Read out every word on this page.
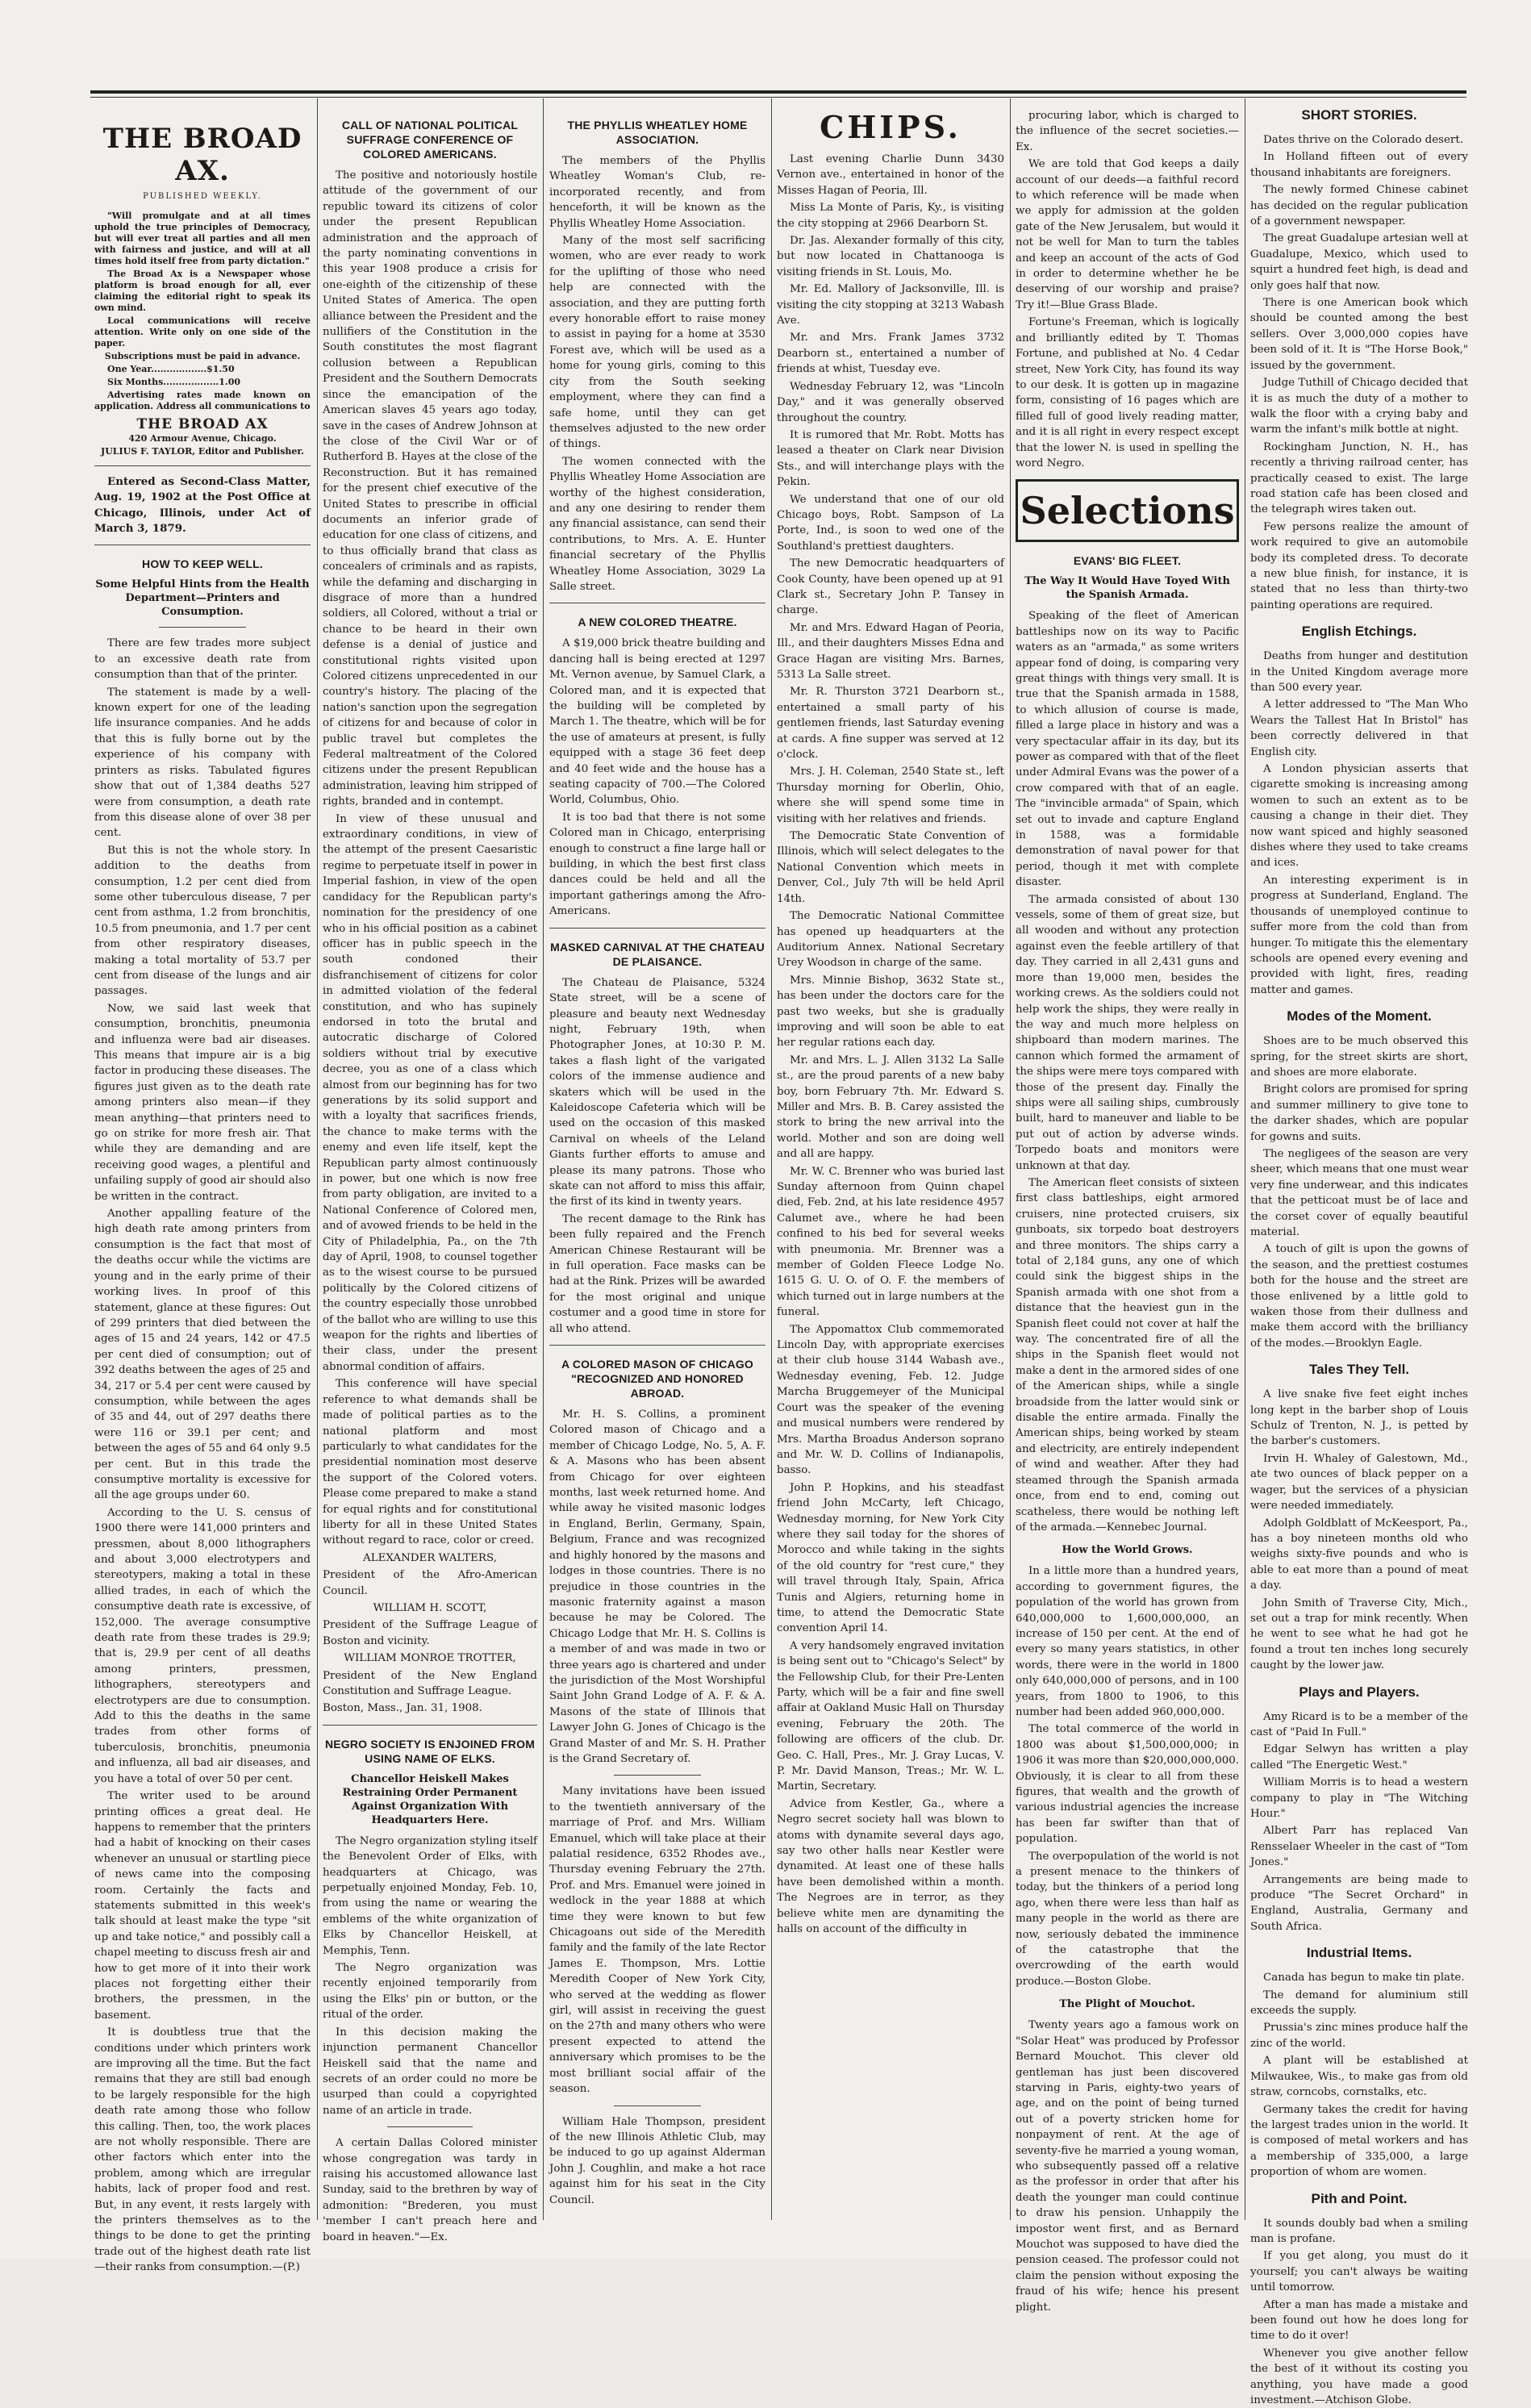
THE BROAD AX.
PUBLISHED WEEKLY.

"Will promulgate and at all times uphold the true principles of Democracy, but will ever treat all parties and all men with fairness and justice, and will at all times hold itself free from party dictation."

The Broad Ax is a Newspaper whose platform is broad enough for all, ever claiming the editorial right to speak its own mind.

Local communications will receive attention. Write only on one side of the paper.

Subscriptions must be paid in advance.

One Year..................$1.50

Six Months..................1.00

Advertising rates made known on application. Address all communications to

THE BROAD AX

420 Armour Avenue, Chicago.

JULIUS F. TAYLOR, Editor and Publisher.

Entered as Second-Class Matter, Aug. 19, 1902 at the Post Office at Chicago, Illinois, under Act of March 3, 1879.

HOW TO KEEP WELL.
Some Helpful Hints from the Health Department—Printers and Consumption.

There are few trades more subject to an excessive death rate from consumption than that of the printer.

The statement is made by a well-known expert for one of the leading life insurance companies. And he adds that this is fully borne out by the experience of his company with printers as risks. Tabulated figures show that out of 1,384 deaths 527 were from consumption, a death rate from this disease alone of over 38 per cent.

But this is not the whole story. In addition to the deaths from consumption, 1.2 per cent died from some other tuberculous disease, 7 per cent from asthma, 1.2 from bronchitis, 10.5 from pneumonia, and 1.7 per cent from other respiratory diseases, making a total mortality of 53.7 per cent from disease of the lungs and air passages.

Now, we said last week that consumption, bronchitis, pneumonia and influenza were bad air diseases. This means that impure air is a big factor in producing these diseases. The figures just given as to the death rate among printers also mean—if they mean anything—that printers need to go on strike for more fresh air. That while they are demanding and are receiving good wages, a plentiful and unfailing supply of good air should also be written in the contract.

Another appalling feature of the high death rate among printers from consumption is the fact that most of the deaths occur while the victims are young and in the early prime of their working lives. In proof of this statement, glance at these figures: Out of 299 printers that died between the ages of 15 and 24 years, 142 or 47.5 per cent died of consumption; out of 392 deaths between the ages of 25 and 34, 217 or 5.4 per cent were caused by consumption, while between the ages of 35 and 44, out of 297 deaths there were 116 or 39.1 per cent; and between the ages of 55 and 64 only 9.5 per cent. But in this trade the consumptive mortality is excessive for all the age groups under 60.

According to the U. S. census of 1900 there were 141,000 printers and pressmen, about 8,000 lithographers and about 3,000 electrotypers and stereotypers, making a total in these allied trades, in each of which the consumptive death rate is excessive, of 152,000. The average consumptive death rate from these trades is 29.9; that is, 29.9 per cent of all deaths among printers, pressmen, lithographers, stereotypers and electrotypers are due to consumption. Add to this the deaths in the same trades from other forms of tuberculosis, bronchitis, pneumonia and influenza, all bad air diseases, and you have a total of over 50 per cent.

The writer used to be around printing offices a great deal. He happens to remember that the printers had a habit of knocking on their cases whenever an unusual or startling piece of news came into the composing room. Certainly the facts and statements submitted in this week's talk should at least make the type "sit up and take notice," and possibly call a chapel meeting to discuss fresh air and how to get more of it into their work places not forgetting either their brothers, the pressmen, in the basement.

It is doubtless true that the conditions under which printers work are improving all the time. But the fact remains that they are still bad enough to be largely responsible for the high death rate among those who follow this calling. Then, too, the work places are not wholly responsible. There are other factors which enter into the problem, among which are irregular habits, lack of proper food and rest. But, in any event, it rests largely with the printers themselves as to the things to be done to get the printing trade out of the highest death rate list—their ranks from consumption.—(P.)

CALL OF NATIONAL POLITICAL SUFFRAGE CONFERENCE OF COLORED AMERICANS.

The positive and notoriously hostile attitude of the government of our republic toward its citizens of color under the present Republican administration and the approach of the party nominating conventions in this year 1908 produce a crisis for one-eighth of the citizenship of these United States of America. The open alliance between the President and the nullifiers of the Constitution in the South constitutes the most flagrant collusion between a Republican President and the Southern Democrats since the emancipation of the American slaves 45 years ago today, save in the cases of Andrew Johnson at the close of the Civil War or of Rutherford B. Hayes at the close of the Reconstruction. But it has remained for the present chief executive of the United States to prescribe in official documents an inferior grade of education for one class of citizens, and to thus officially brand that class as concealers of criminals and as rapists, while the defaming and discharging in disgrace of more than a hundred soldiers, all Colored, without a trial or chance to be heard in their own defense is a denial of justice and constitutional rights visited upon Colored citizens unprecedented in our country's history. The placing of the nation's sanction upon the segregation of citizens for and because of color in public travel but completes the Federal maltreatment of the Colored citizens under the present Republican administration, leaving him stripped of rights, branded and in contempt.

In view of these unusual and extraordinary conditions, in view of the attempt of the present Caesaristic regime to perpetuate itself in power in Imperial fashion, in view of the open candidacy for the Republican party's nomination for the presidency of one who in his official position as a cabinet officer has in public speech in the south condoned their disfranchisement of citizens for color in admitted violation of the federal constitution, and who has supinely endorsed in toto the brutal and autocratic discharge of Colored soldiers without trial by executive decree, you as one of a class which almost from our beginning has for two generations by its solid support and with a loyalty that sacrifices friends, the chance to make terms with the enemy and even life itself, kept the Republican party almost continuously in power, but one which is now free from party obligation, are invited to a National Conference of Colored men, and of avowed friends to be held in the City of Philadelphia, Pa., on the 7th day of April, 1908, to counsel together as to the wisest course to be pursued politically by the Colored citizens of the country especially those unrobbed of the ballot who are willing to use this weapon for the rights and liberties of their class, under the present abnormal condition of affairs.

This conference will have special reference to what demands shall be made of political parties as to the national platform and most particularly to what candidates for the presidential nomination most deserve the support of the Colored voters. Please come prepared to make a stand for equal rights and for constitutional liberty for all in these United States without regard to race, color or creed.

ALEXANDER WALTERS,

President of the Afro-American Council.

WILLIAM H. SCOTT,

President of the Suffrage League of Boston and vicinity.

WILLIAM MONROE TROTTER,

President of the New England Constitution and Suffrage League.

Boston, Mass., Jan. 31, 1908.

NEGRO SOCIETY IS ENJOINED FROM USING NAME OF ELKS.
Chancellor Heiskell Makes Restraining Order Permanent Against Organization With Headquarters Here.

The Negro organization styling itself the Benevolent Order of Elks, with headquarters at Chicago, was perpetually enjoined Monday, Feb. 10, from using the name or wearing the emblems of the white organization of Elks by Chancellor Heiskell, at Memphis, Tenn.

The Negro organization was recently enjoined temporarily from using the Elks' pin or button, or the ritual of the order.

In this decision making the injunction permanent Chancellor Heiskell said that the name and secrets of an order could no more be usurped than could a copyrighted name of an article in trade.

A certain Dallas Colored minister whose congregation was tardy in raising his accustomed allowance last Sunday, said to the brethren by way of admonition: "Brederen, you must 'member I can't preach here and board in heaven."—Ex.

THE PHYLLIS WHEATLEY HOME ASSOCIATION.

The members of the Phyllis Wheatley Woman's Club, re-incorporated recently, and from henceforth, it will be known as the Phyllis Wheatley Home Association.

Many of the most self sacrificing women, who are ever ready to work for the uplifting of those who need help are connected with the association, and they are putting forth every honorable effort to raise money to assist in paying for a home at 3530 Forest ave, which will be used as a home for young girls, coming to this city from the South seeking employment, where they can find a safe home, until they can get themselves adjusted to the new order of things.

The women connected with the Phyllis Wheatley Home Association are worthy of the highest consideration, and any one desiring to render them any financial assistance, can send their contributions, to Mrs. A. E. Hunter financial secretary of the Phyllis Wheatley Home Association, 3029 La Salle street.

A NEW COLORED THEATRE.

A $19,000 brick theatre building and dancing hall is being erected at 1297 Mt. Vernon avenue, by Samuel Clark, a Colored man, and it is expected that the building will be completed by March 1. The theatre, which will be for the use of amateurs at present, is fully equipped with a stage 36 feet deep and 40 feet wide and the house has a seating capacity of 700.—The Colored World, Columbus, Ohio.

It is too bad that there is not some Colored man in Chicago, enterprising enough to construct a fine large hall or building, in which the best first class dances could be held and all the important gatherings among the Afro-Americans.

MASKED CARNIVAL AT THE CHATEAU DE PLAISANCE.

The Chateau de Plaisance, 5324 State street, will be a scene of pleasure and beauty next Wednesday night, February 19th, when Photographer Jones, at 10:30 P. M. takes a flash light of the varigated colors of the immense audience and skaters which will be used in the Kaleidoscope Cafeteria which will be used on the occasion of this masked Carnival on wheels of the Leland Giants further efforts to amuse and please its many patrons. Those who skate can not afford to miss this affair, the first of its kind in twenty years.

The recent damage to the Rink has been fully repaired and the French American Chinese Restaurant will be in full operation. Face masks can be had at the Rink. Prizes will be awarded for the most original and unique costumer and a good time in store for all who attend.

A COLORED MASON OF CHICAGO "RECOGNIZED AND HONORED ABROAD.

Mr. H. S. Collins, a prominent Colored mason of Chicago and a member of Chicago Lodge, No. 5, A. F. & A. Masons who has been absent from Chicago for over eighteen months, last week returned home. And while away he visited masonic lodges in England, Berlin, Germany, Spain, Belgium, France and was recognized and highly honored by the masons and lodges in those countries. There is no prejudice in those countries in the masonic fraternity against a mason because he may be Colored. The Chicago Lodge that Mr. H. S. Collins is a member of and was made in two or three years ago is chartered and under the jurisdiction of the Most Worshipful Saint John Grand Lodge of A. F. & A. Masons of the state of Illinois that Lawyer John G. Jones of Chicago is the Grand Master of and Mr. S. H. Prather is the Grand Secretary of.

Many invitations have been issued to the twentieth anniversary of the marriage of Prof. and Mrs. William Emanuel, which will take place at their palatial residence, 6352 Rhodes ave., Thursday evening February the 27th. Prof. and Mrs. Emanuel were joined in wedlock in the year 1888 at which time they were known to but few Chicagoans out side of the Meredith family and the family of the late Rector James E. Thompson, Mrs. Lottie Meredith Cooper of New York City, who served at the wedding as flower girl, will assist in receiving the guest on the 27th and many others who were present expected to attend the anniversary which promises to be the most brilliant social affair of the season.

William Hale Thompson, president of the new Illinois Athletic Club, may be induced to go up against Alderman John J. Coughlin, and make a hot race against him for his seat in the City Council.

CHIPS.

Last evening Charlie Dunn 3430 Vernon ave., entertained in honor of the Misses Hagan of Peoria, Ill.

Miss La Monte of Paris, Ky., is visiting the city stopping at 2966 Dearborn St.

Dr. Jas. Alexander formally of this city, but now located in Chattanooga is visiting friends in St. Louis, Mo.

Mr. Ed. Mallory of Jacksonville, Ill. is visiting the city stopping at 3213 Wabash Ave.

Mr. and Mrs. Frank James 3732 Dearborn st., entertained a number of friends at whist, Tuesday eve.

Wednesday February 12, was "Lincoln Day," and it was generally observed throughout the country.

It is rumored that Mr. Robt. Motts has leased a theater on Clark near Division Sts., and will interchange plays with the Pekin.

We understand that one of our old Chicago boys, Robt. Sampson of La Porte, Ind., is soon to wed one of the Southland's prettiest daughters.

The new Democratic headquarters of Cook County, have been opened up at 91 Clark st., Secretary John P. Tansey in charge.

Mr. and Mrs. Edward Hagan of Peoria, Ill., and their daughters Misses Edna and Grace Hagan are visiting Mrs. Barnes, 5313 La Salle street.

Mr. R. Thurston 3721 Dearborn st., entertained a small party of his gentlemen friends, last Saturday evening at cards. A fine supper was served at 12 o'clock.

Mrs. J. H. Coleman, 2540 State st., left Thursday morning for Oberlin, Ohio, where she will spend some time in visiting with her relatives and friends.

The Democratic State Convention of Illinois, which will select delegates to the National Convention which meets in Denver, Col., July 7th will be held April 14th.

The Democratic National Committee has opened up headquarters at the Auditorium Annex. National Secretary Urey Woodson in charge of the same.

Mrs. Minnie Bishop, 3632 State st., has been under the doctors care for the past two weeks, but she is gradually improving and will soon be able to eat her regular rations each day.

Mr. and Mrs. L. J. Allen 3132 La Salle st., are the proud parents of a new baby boy, born February 7th. Mr. Edward S. Miller and Mrs. B. B. Carey assisted the stork to bring the new arrival into the world. Mother and son are doing well and all are happy.

Mr. W. C. Brenner who was buried last Sunday afternoon from Quinn chapel died, Feb. 2nd, at his late residence 4957 Calumet ave., where he had been confined to his bed for several weeks with pneumonia. Mr. Brenner was a member of Golden Fleece Lodge No. 1615 G. U. O. of O. F. the members of which turned out in large numbers at the funeral.

The Appomattox Club commemorated Lincoln Day, with appropriate exercises at their club house 3144 Wabash ave., Wednesday evening, Feb. 12. Judge Marcha Bruggemeyer of the Municipal Court was the speaker of the evening and musical numbers were rendered by Mrs. Martha Broadus Anderson soprano and Mr. W. D. Collins of Indianapolis, basso.

John P. Hopkins, and his steadfast friend John McCarty, left Chicago, Wednesday morning, for New York City where they sail today for the shores of Morocco and while taking in the sights of the old country for "rest cure," they will travel through Italy, Spain, Africa Tunis and Algiers, returning home in time, to attend the Democratic State convention April 14.

A very handsomely engraved invitation is being sent out to "Chicago's Select" by the Fellowship Club, for their Pre-Lenten Party, which will be a fair and fine swell affair at Oakland Music Hall on Thursday evening, February the 20th. The following are officers of the club. Dr. Geo. C. Hall, Pres., Mr. J. Gray Lucas, V. P. Mr. David Manson, Treas.; Mr. W. L. Martin, Secretary.

Advice from Kestler, Ga., where a Negro secret society hall was blown to atoms with dynamite several days ago, say two other halls near Kestler were dynamited. At least one of these halls have been demolished within a month. The Negroes are in terror, as they believe white men are dynamiting the halls on account of the difficulty in

procuring labor, which is charged to the influence of the secret societies.—Ex.

We are told that God keeps a daily account of our deeds—a faithful record to which reference will be made when we apply for admission at the golden gate of the New Jerusalem, but would it not be well for Man to turn the tables and keep an account of the acts of God in order to determine whether he be deserving of our worship and praise? Try it!—Blue Grass Blade.

Fortune's Freeman, which is logically and brilliantly edited by T. Thomas Fortune, and published at No. 4 Cedar street, New York City, has found its way to our desk. It is gotten up in magazine form, consisting of 16 pages which are filled full of good lively reading matter, and it is all right in every respect except that the lower N. is used in spelling the word Negro.

Selections
EVANS' BIG FLEET.
The Way It Would Have Toyed With the Spanish Armada.

Speaking of the fleet of American battleships now on its way to Pacific waters as an "armada," as some writers appear fond of doing, is comparing very great things with things very small. It is true that the Spanish armada in 1588, to which allusion of course is made, filled a large place in history and was a very spectacular affair in its day, but its power as compared with that of the fleet under Admiral Evans was the power of a crow compared with that of an eagle. The "invincible armada" of Spain, which set out to invade and capture England in 1588, was a formidable demonstration of naval power for that period, though it met with complete disaster.

The armada consisted of about 130 vessels, some of them of great size, but all wooden and without any protection against even the feeble artillery of that day. They carried in all 2,431 guns and more than 19,000 men, besides the working crews. As the soldiers could not help work the ships, they were really in the way and much more helpless on shipboard than modern marines. The cannon which formed the armament of the ships were mere toys compared with those of the present day. Finally the ships were all sailing ships, cumbrously built, hard to maneuver and liable to be put out of action by adverse winds. Torpedo boats and monitors were unknown at that day.

The American fleet consists of sixteen first class battleships, eight armored cruisers, nine protected cruisers, six gunboats, six torpedo boat destroyers and three monitors. The ships carry a total of 2,184 guns, any one of which could sink the biggest ships in the Spanish armada with one shot from a distance that the heaviest gun in the Spanish fleet could not cover at half the way. The concentrated fire of all the ships in the Spanish fleet would not make a dent in the armored sides of one of the American ships, while a single broadside from the latter would sink or disable the entire armada. Finally the American ships, being worked by steam and electricity, are entirely independent of wind and weather. After they had steamed through the Spanish armada once, from end to end, coming out scatheless, there would be nothing left of the armada.—Kennebec Journal.

How the World Grows.

In a little more than a hundred years, according to government figures, the population of the world has grown from 640,000,000 to 1,600,000,000, an increase of 150 per cent. At the end of every so many years statistics, in other words, there were in the world in 1800 only 640,000,000 of persons, and in 100 years, from 1800 to 1906, to this number had been added 960,000,000.

The total commerce of the world in 1800 was about $1,500,000,000; in 1906 it was more than $20,000,000,000. Obviously, it is clear to all from these figures, that wealth and the growth of various industrial agencies the increase has been far swifter than that of population.

The overpopulation of the world is not a present menace to the thinkers of today, but the thinkers of a period long ago, when there were less than half as many people in the world as there are now, seriously debated the imminence of the catastrophe that the overcrowding of the earth would produce.—Boston Globe.

The Plight of Mouchot.

Twenty years ago a famous work on "Solar Heat" was produced by Professor Bernard Mouchot. This clever old gentleman has just been discovered starving in Paris, eighty-two years of age, and on the point of being turned out of a poverty stricken home for nonpayment of rent. At the age of seventy-five he married a young woman, who subsequently passed off a relative as the professor in order that after his death the younger man could continue to draw his pension. Unhappily the impostor went first, and as Bernard Mouchot was supposed to have died the pension ceased. The professor could not claim the pension without exposing the fraud of his wife; hence his present plight.

SHORT STORIES.

Dates thrive on the Colorado desert.

In Holland fifteen out of every thousand inhabitants are foreigners.

The newly formed Chinese cabinet has decided on the regular publication of a government newspaper.

The great Guadalupe artesian well at Guadalupe, Mexico, which used to squirt a hundred feet high, is dead and only goes half that now.

There is one American book which should be counted among the best sellers. Over 3,000,000 copies have been sold of it. It is "The Horse Book," issued by the government.

Judge Tuthill of Chicago decided that it is as much the duty of a mother to walk the floor with a crying baby and warm the infant's milk bottle at night.

Rockingham Junction, N. H., has recently a thriving railroad center, has practically ceased to exist. The large road station cafe has been closed and the telegraph wires taken out.

Few persons realize the amount of work required to give an automobile body its completed dress. To decorate a new blue finish, for instance, it is stated that no less than thirty-two painting operations are required.

English Etchings.

Deaths from hunger and destitution in the United Kingdom average more than 500 every year.

A letter addressed to "The Man Who Wears the Tallest Hat In Bristol" has been correctly delivered in that English city.

A London physician asserts that cigarette smoking is increasing among women to such an extent as to be causing a change in their diet. They now want spiced and highly seasoned dishes where they used to take creams and ices.

An interesting experiment is in progress at Sunderland, England. The thousands of unemployed continue to suffer more from the cold than from hunger. To mitigate this the elementary schools are opened every evening and provided with light, fires, reading matter and games.

Modes of the Moment.

Shoes are to be much observed this spring, for the street skirts are short, and shoes are more elaborate.

Bright colors are promised for spring and summer millinery to give tone to the darker shades, which are popular for gowns and suits.

The negligees of the season are very sheer, which means that one must wear very fine underwear, and this indicates that the petticoat must be of lace and the corset cover of equally beautiful material.

A touch of gilt is upon the gowns of the season, and the prettiest costumes both for the house and the street are those enlivened by a little gold to waken those from their dullness and make them accord with the brilliancy of the modes.—Brooklyn Eagle.

Tales They Tell.

A live snake five feet eight inches long kept in the barber shop of Louis Schulz of Trenton, N. J., is petted by the barber's customers.

Irvin H. Whaley of Galestown, Md., ate two ounces of black pepper on a wager, but the services of a physician were needed immediately.

Adolph Goldblatt of McKeesport, Pa., has a boy nineteen months old who weighs sixty-five pounds and who is able to eat more than a pound of meat a day.

John Smith of Traverse City, Mich., set out a trap for mink recently. When he went to see what he had got he found a trout ten inches long securely caught by the lower jaw.

Plays and Players.

Amy Ricard is to be a member of the cast of "Paid In Full."

Edgar Selwyn has written a play called "The Energetic West."

William Morris is to head a western company to play in "The Witching Hour."

Albert Parr has replaced Van Rensselaer Wheeler in the cast of "Tom Jones."

Arrangements are being made to produce "The Secret Orchard" in England, Australia, Germany and South Africa.

Industrial Items.

Canada has begun to make tin plate.

The demand for aluminium still exceeds the supply.

Prussia's zinc mines produce half the zinc of the world.

A plant will be established at Milwaukee, Wis., to make gas from old straw, corncobs, cornstalks, etc.

Germany takes the credit for having the largest trades union in the world. It is composed of metal workers and has a membership of 335,000, a large proportion of whom are women.

Pith and Point.

It sounds doubly bad when a smiling man is profane.

If you get along, you must do it yourself; you can't always be waiting until tomorrow.

After a man has made a mistake and been found out how he does long for time to do it over!

Whenever you give another fellow the best of it without its costing you anything, you have made a good investment.—Atchison Globe.
